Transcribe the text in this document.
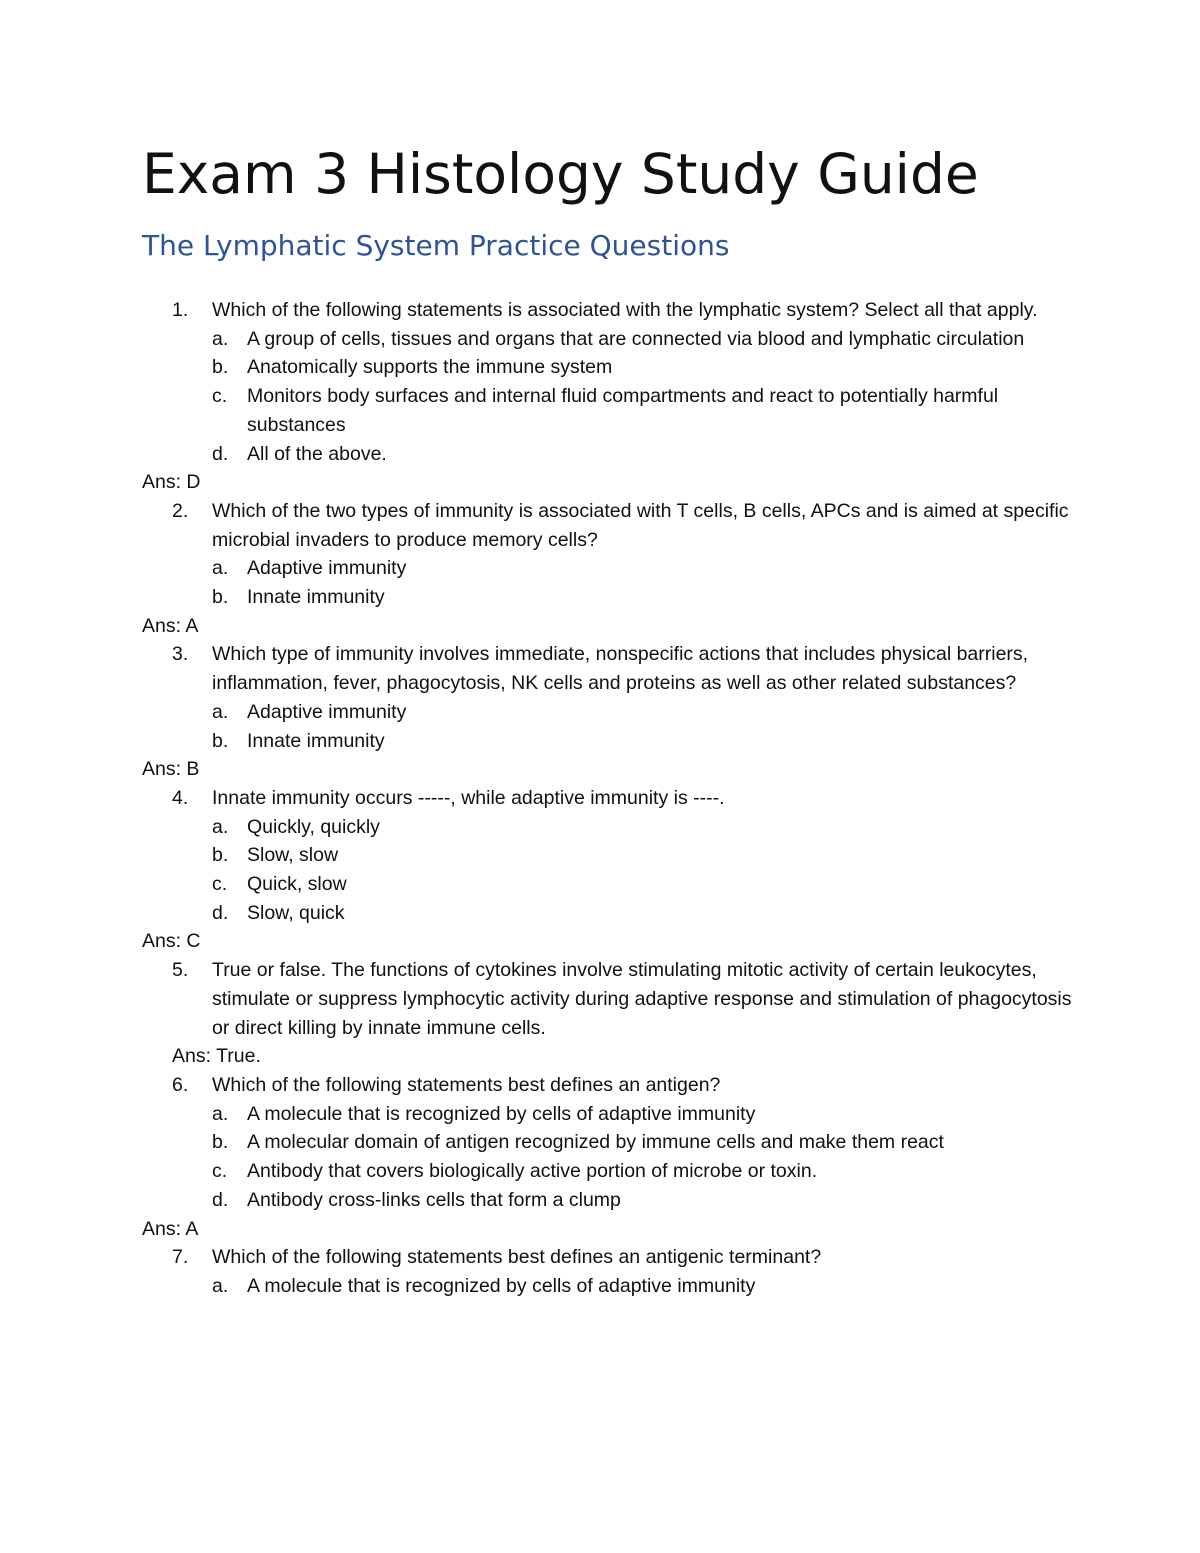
Exam 3 Histology Study Guide
The Lymphatic System Practice Questions
1.	Which of the following statements is associated with the lymphatic system? Select all that apply.
a. A group of cells, tissues and organs that are connected via blood and lymphatic circulation
b. Anatomically supports the immune system
c.	Monitors body surfaces and internal fluid compartments and react to potentially harmful substances
d. All of the above.
Ans: D
2.	Which of the two types of immunity is associated with T cells, B cells, APCs and is aimed at specific microbial invaders to produce memory cells?
a. Adaptive immunity
b. Innate immunity
Ans: A
3.	Which type of immunity involves immediate, nonspecific actions that includes physical barriers, inflammation, fever, phagocytosis, NK cells and proteins as well as other related substances?
a. Adaptive immunity
b. Innate immunity
Ans: B
4.	Innate immunity occurs -----, while adaptive immunity is ----.
a. Quickly, quickly
b. Slow, slow
c.	Quick, slow
d. Slow, quick
Ans: C
5.	True or false. The functions of cytokines involve stimulating mitotic activity of certain leukocytes, stimulate or suppress lymphocytic activity during adaptive response and stimulation of phagocytosis or direct killing by innate immune cells.
Ans: True.
6.	Which of the following statements best defines an antigen?
a. A molecule that is recognized by cells of adaptive immunity
b. A molecular domain of antigen recognized by immune cells and make them react
c.	Antibody that covers biologically active portion of microbe or toxin.
d. Antibody cross-links cells that form a clump
Ans: A
7.	Which of the following statements best defines an antigenic terminant?
a. A molecule that is recognized by cells of adaptive immunity
